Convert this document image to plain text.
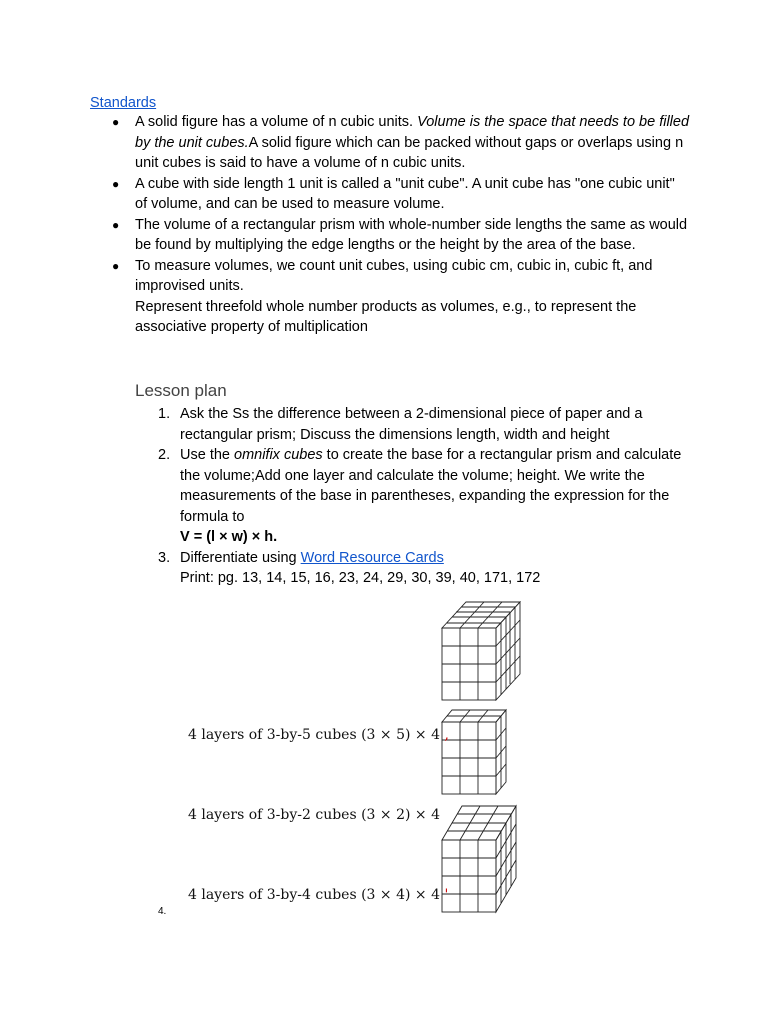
Standards
● A solid figure has a volume of n cubic units. Volume is the space that needs to be filled by the unit cubes.A solid figure which can be packed without gaps or overlaps using n unit cubes is said to have a volume of n cubic units.
● A cube with side length 1 unit is called a "unit cube". A unit cube has "one cubic unit" of volume, and can be used to measure volume.
● The volume of a rectangular prism with whole-number side lengths the same as would be found by multiplying the edge lengths or the height by the area of the base.
● To measure volumes, we count unit cubes, using cubic cm, cubic in, cubic ft, and improvised units.
Represent threefold whole number products as volumes, e.g., to represent the associative property of multiplication
Lesson plan
1. Ask the Ss the difference between a 2-dimensional piece of paper and a rectangular prism; Discuss the dimensions length, width and height
2. Use the omnifix cubes to create the base for a rectangular prism and calculate the volume;Add one layer and calculate the volume; height. We write the measurements of the base in parentheses, expanding the expression for the formula to
V = (l × w) × h.
3. Differentiate using Word Resource Cards
Print: pg. 13, 14, 15, 16, 23, 24, 29, 30, 39, 40, 171, 172
4 layers of 3-by-5 cubes (3 × 5) × 4 ,
4 layers of 3-by-2 cubes (3 × 2) × 4
4 layers of 3-by-4 cubes (3 × 4) × 4 '
4.
